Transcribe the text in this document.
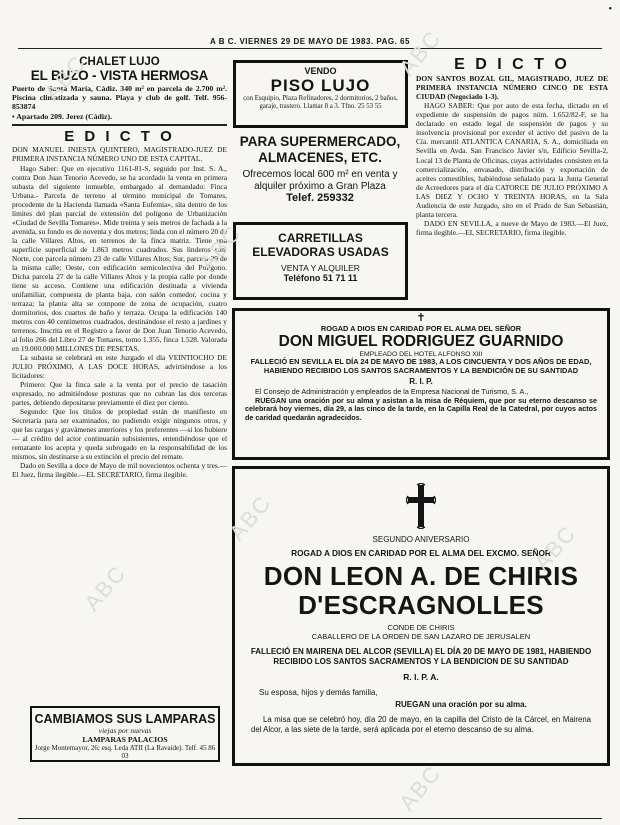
A B C. VIERNES 29 DE MAYO DE 1983. PAG. 65
CHALET LUJO
EL BUZO - VISTA HERMOSA
Puerto de Santa María, Cádiz. 340 m² en parcela de 2.700 m². Piscina climatizada y sauna. Playa y club de golf. Telf. 956-853874
• Apartado 209. Jerez (Cádiz).
E D I C T O
DON MANUEL INIESTA QUINTERO, MAGISTRADO-JUEZ DE PRIMERA INSTANCIA NÚMERO UNO DE ESTA CAPITAL.
Hago Saber: Que en ejecutivo 1161-81-S, seguido por Inst. S. A., contra Don Juan Tenorio Acevedo, se ha acordado la venta en primera subasta del siguiente inmueble, embargado al demandado: Finca Urbana.- Parcela de terreno al término municipal de Tomares, procedente de la Hacienda llamada «Santa Eufemia», sita dentro de los límites del plan parcial de extensión del polígono de Urbanización «Ciudad de Sevilla Tomares». Mide treinta y seis metros de fachada a la avenida, su fondo es de noventa y dos metros; linda con el número 20 de la calle Villares Altos, en terrenos de la finca matriz. Tiene una superficie superficial de 1.863 metros cuadrados. Sus linderos son: Norte, con parcela número 23 de calle Villares Altos; Sur, parcela 29 de la misma calle; Oeste, con edificación semicolectiva del Polígono. Dicha parcela 27 de la calle Villares Altos y la propia calle por donde tiene su acceso. Contiene una edificación destinada a vivienda unifamiliar, compuesta de planta baja, con salón comedor, cocina y terraza; la planta alta se compone de zona de ocupación, cuatro dormitorios, dos cuartos de baño y terraza. Ocupa la edificación 140 metros con 40 centímetros cuadrados, destinándose el resto a jardines y terrenos. Inscrita en el Registro a favor de Don Juan Tenorio Acevedo, al folio 266 del Libro 27 de Tomares, tomo 1.355, finca 1.528. Valorada en 19.000.000 MILLONES DE PESETAS.
La subasta se celebrará en este Juzgado el día VEINTIOCHO DE JULIO PRÓXIMO, A LAS DOCE HORAS, advirtiéndose a los licitadores:
Primero: Que la finca sale a la venta por el precio de tasación expresado, no admitiéndose posturas que no cubran las dos terceras partes, debiendo depositarse previamente el diez por ciento.
Segundo: Que los títulos de propiedad están de manifiesto en Secretaría para ser examinados, no pudiendo exigir ningunos otros, y que las cargas y gravámenes anteriores y los preferentes —si los hubiere— al crédito del actor continuarán subsistentes, entendiéndose que el rematante los acepta y queda subrogado en la responsabilidad de los mismos, sin destinarse a su extinción el precio del remate.
Dado en Sevilla a doce de Mayo de mil novecientos ochenta y tres.—El Juez, firma ilegible.—EL SECRETARIO, firma ilegible.
CAMBIAMOS SUS LAMPARAS
viejas por nuevas
LAMPARAS PALACIOS
Jorge Montemayor, 26; esq. Leda ATII (La Ravaide). Telf. 45 86 03
VENDO
PISO LUJO
con Esquipio, Plaza Refinadores, 2 dormitorios, 2 baños, garaje, trastero. Llamar 8 a 3. Tfno. 25 53 55
PARA SUPERMERCADO, ALMACENES, ETC.
Ofrecemos local 600 m² en venta y alquiler próximo a Gran Plaza
Telef. 259332
CARRETILLAS ELEVADORAS USADAS
VENTA Y ALQUILER
Teléfono 51 71 11
E D I C T O
DON SANTOS BOZAL GIL, MAGISTRADO, JUEZ DE PRIMERA INSTANCIA NÚMERO CINCO DE ESTA CIUDAD (Negociado 1-3).
HAGO SABER: Que por auto de esta fecha, dictado en el expediente de suspensión de pagos núm. 1.652/82-F, se ha declarado en estado legal de suspensión de pagos y su insolvencia provisional por exceder el activo del pasivo de la Cía. mercantil ATLANTICA CANARIA, S. A., domiciliada en Sevilla en Avda. San Francisco Javier s/n, Edificio Sevilla-2, Local 13 de Planta de Oficinas, cuyas actividades consisten en la comercialización, envasado, distribución y exportación de aceites comestibles, habiéndose señalado para la Junta General de Acreedores para el día CATORCE DE JULIO PRÓXIMO A LAS DIEZ Y OCHO Y TREINTA HORAS, en la Sala Audiencia de este Juzgado, sito en el Prado de San Sebastián, planta tercera.
DADO EN SEVILLA, a nueve de Mayo de 1983.—El Juez, firma ilegible.—EL SECRETARIO, firma ilegible.
✝
ROGAD A DIOS EN CARIDAD POR EL ALMA DEL SEÑOR
DON MIGUEL RODRIGUEZ GUARNIDO
EMPLEADO DEL HOTEL ALFONSO XIII
FALLECIÓ EN SEVILLA EL DÍA 24 DE MAYO DE 1983, A LOS CINCUENTA Y DOS AÑOS DE EDAD, HABIENDO RECIBIDO LOS SANTOS SACRAMENTOS Y LA BENDICIÓN DE SU SANTIDAD
R. I. P.
El Consejo de Administración y empleados de la Empresa Nacional de Turismo, S. A.,
RUEGAN una oración por su alma y asistan a la misa de Réquiem, que por su eterno descanso se celebrará hoy viernes, día 29, a las cinco de la tarde, en la Capilla Real de la Catedral, por cuyos actos de caridad quedarán agradecidos.
SEGUNDO ANIVERSARIO
ROGAD A DIOS EN CARIDAD POR EL ALMA DEL EXCMO. SEÑOR
DON LEON A. DE CHIRIS
D'ESCRAGNOLLES
CONDE DE CHIRIS
CABALLERO DE LA ORDEN DE SAN LAZARO DE JERUSALEN
FALLECIÓ EN MAIRENA DEL ALCOR (SEVILLA) EL DÍA 20 DE MAYO DE 1981, HABIENDO RECIBIDO LOS SANTOS SACRAMENTOS Y LA BENDICION DE SU SANTIDAD
R. I. P. A.
Su esposa, hijos y demás familia,
RUEGAN una oración por su alma.
La misa que se celebró hoy, día 20 de mayo, en la capilla del Cristo de la Cárcel, en Mairena del Alcor, a las siete de la tarde, será aplicada por el eterno descanso de su alma.
ABC
ABC
ABC
ABC
ABC
ABC
ABC
•
